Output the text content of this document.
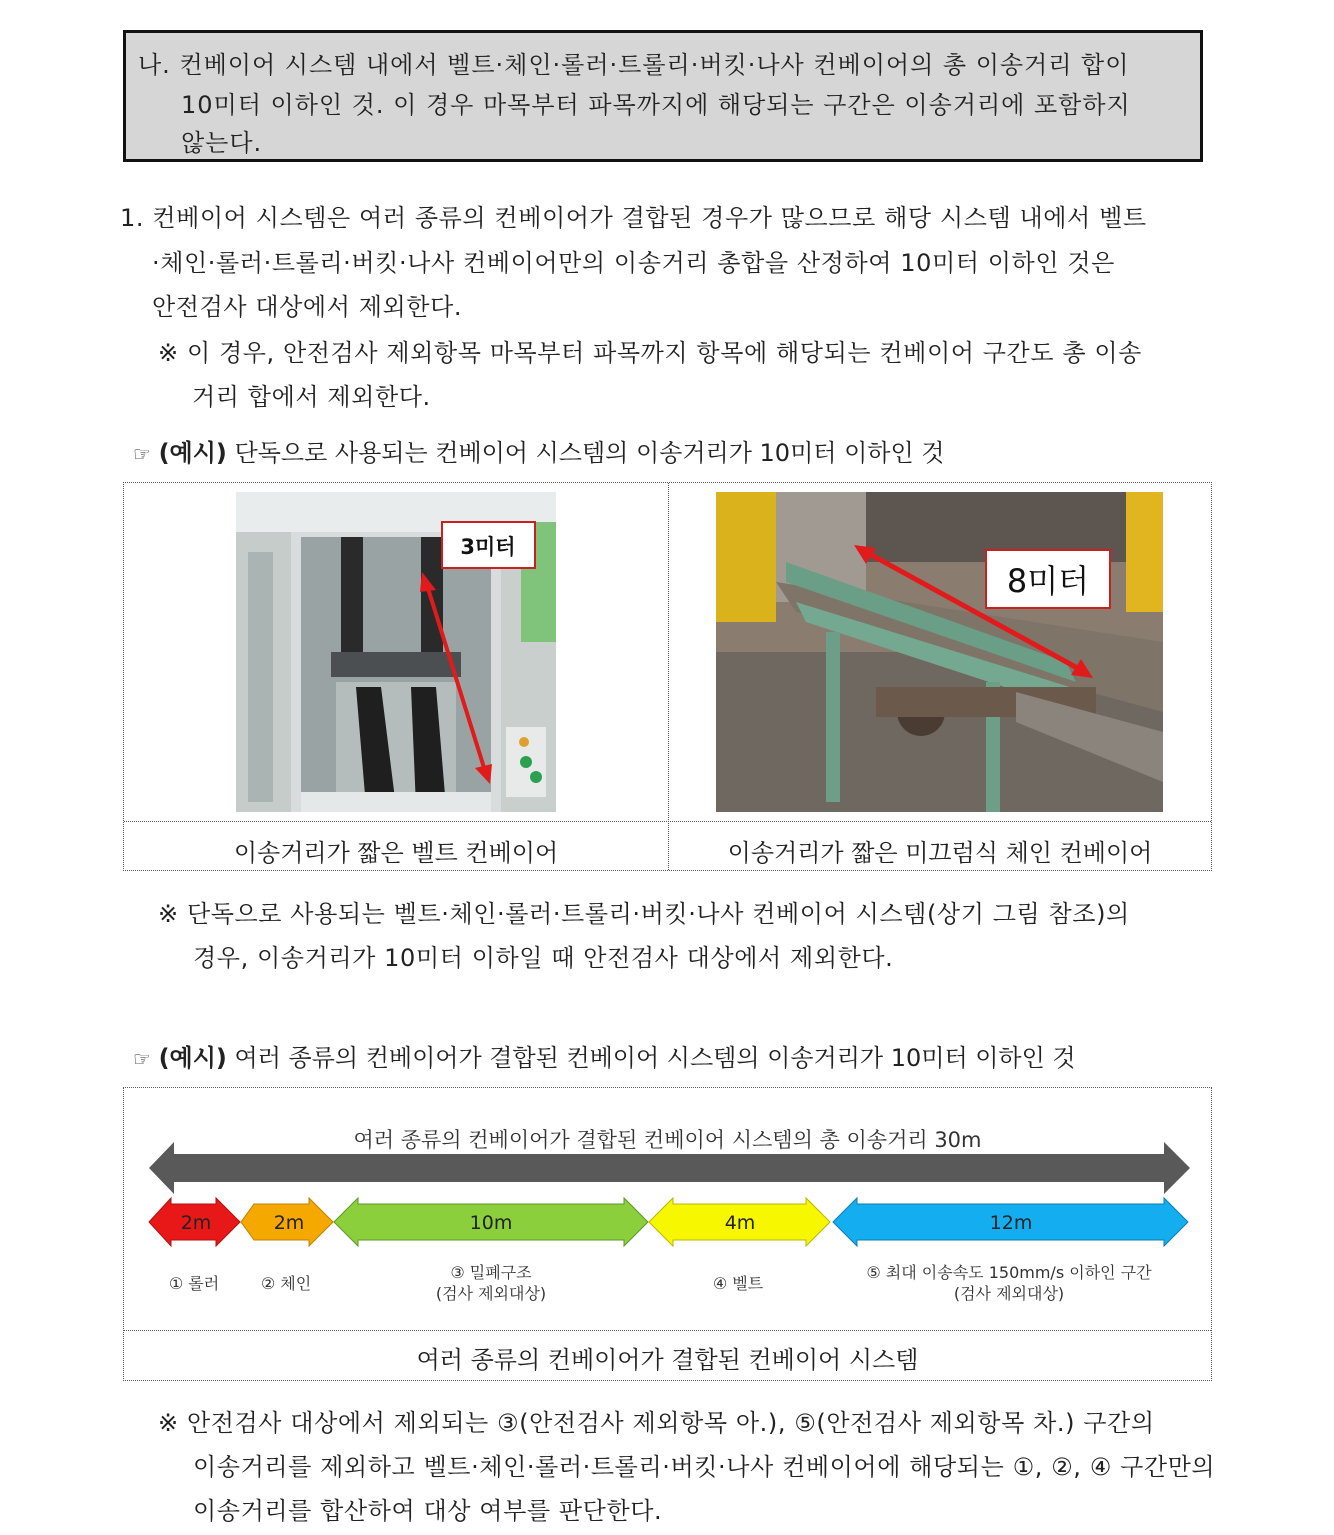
나. 컨베이어 시스템 내에서 벨트·체인·롤러·트롤리·버킷·나사 컨베이어의 총 이송거리 합이
10미터 이하인 것. 이 경우 마목부터 파목까지에 해당되는 구간은 이송거리에 포함하지
않는다.
1. 컨베이어 시스템은 여러 종류의 컨베이어가 결합된 경우가 많으므로 해당 시스템 내에서 벨트
·체인·롤러·트롤리·버킷·나사 컨베이어만의 이송거리 총합을 산정하여 10미터 이하인 것은
안전검사 대상에서 제외한다.
※ 이 경우, 안전검사 제외항목 마목부터 파목까지 항목에 해당되는 컨베이어 구간도 총 이송
거리 합에서 제외한다.
☞ (예시) 단독으로 사용되는 컨베이어 시스템의 이송거리가 10미터 이하인 것
3미터
8미터
이송거리가 짧은 벨트 컨베이어	이송거리가 짧은 미끄럼식 체인 컨베이어
※ 단독으로 사용되는 벨트·체인·롤러·트롤리·버킷·나사 컨베이어 시스템(상기 그림 참조)의
경우, 이송거리가 10미터 이하일 때 안전검사 대상에서 제외한다.
☞ (예시) 여러 종류의 컨베이어가 결합된 컨베이어 시스템의 이송거리가 10미터 이하인 것
여러 종류의 컨베이어가 결합된 컨베이어 시스템의 총 이송거리 30m
2m	2m	10m	4m	12m
① 롤러	② 체인
③ 밀폐구조
(검사 제외대상)
④ 벨트
⑤ 최대 이송속도 150mm/s 이하인 구간
(검사 제외대상)
여러 종류의 컨베이어가 결합된 컨베이어 시스템
※ 안전검사 대상에서 제외되는 ③(안전검사 제외항목 아.), ⑤(안전검사 제외항목 차.) 구간의
이송거리를 제외하고 벨트·체인·롤러·트롤리·버킷·나사 컨베이어에 해당되는 ①, ②, ④ 구간만의
이송거리를 합산하여 대상 여부를 판단한다.
